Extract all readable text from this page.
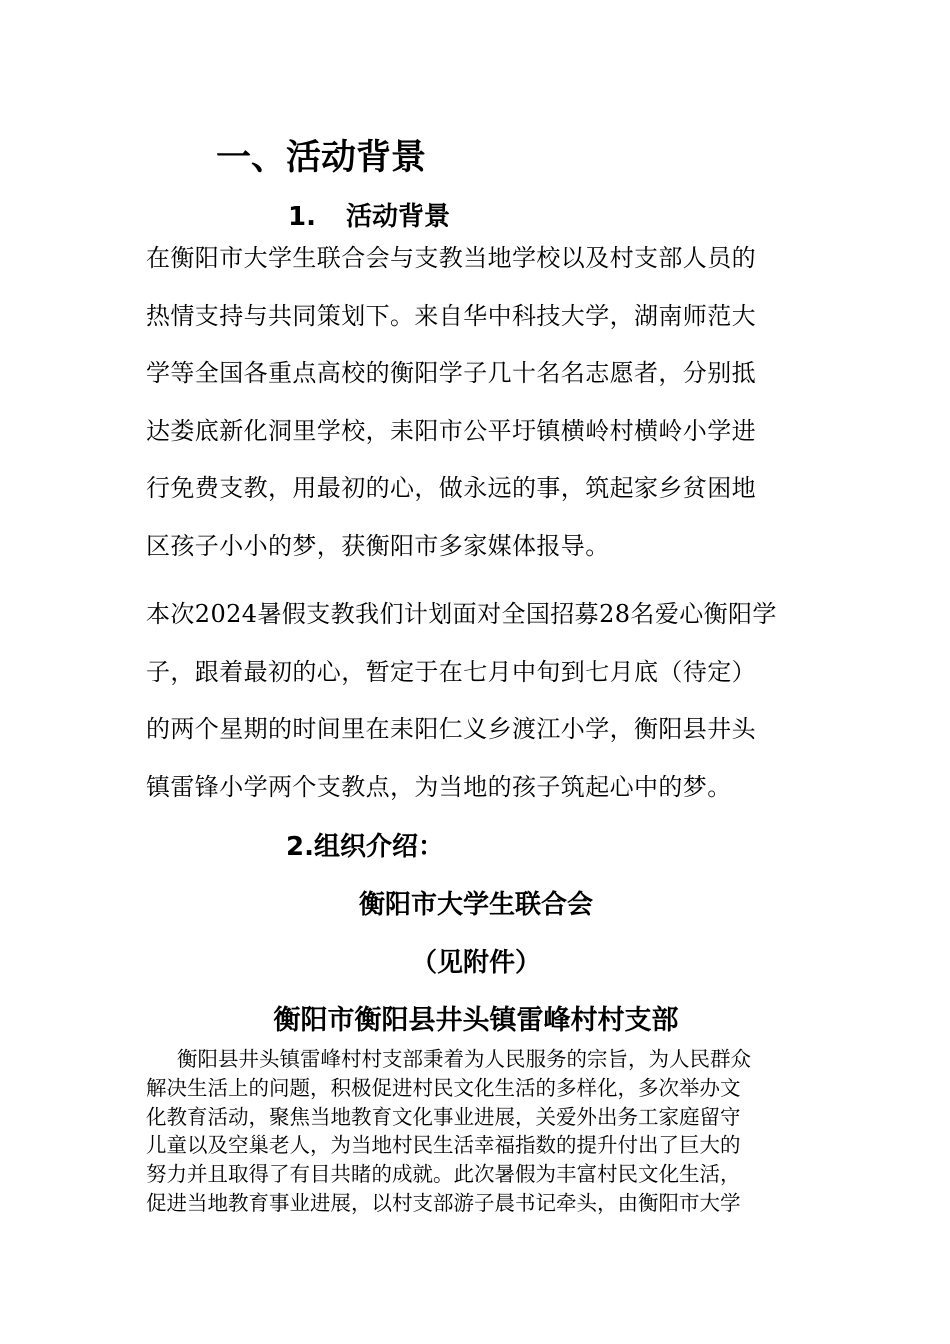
一、活动背景
1. 活动背景

在衡阳市大学生联合会与支教当地学校以及村支部人员的
热情支持与共同策划下。来自华中科技大学，湖南师范大
学等全国各重点高校的衡阳学子几十名名志愿者，分别抵
达娄底新化洞里学校，耒阳市公平圩镇横岭村横岭小学进
行免费支教，用最初的心，做永远的事，筑起家乡贫困地
区孩子小小的梦，获衡阳市多家媒体报导。

本次2024暑假支教我们计划面对全国招募28名爱心衡阳学
子，跟着最初的心，暂定于在七月中旬到七月底（待定）
的两个星期的时间里在耒阳仁义乡渡江小学，衡阳县井头
镇雷锋小学两个支教点，为当地的孩子筑起心中的梦。

2.组织介绍：
衡阳市大学生联合会
（见附件）
衡阳市衡阳县井头镇雷峰村村支部

衡阳县井头镇雷峰村村支部秉着为人民服务的宗旨，为人民群众
解决生活上的问题，积极促进村民文化生活的多样化，多次举办文
化教育活动，聚焦当地教育文化事业进展，关爱外出务工家庭留守
儿童以及空巢老人，为当地村民生活幸福指数的提升付出了巨大的
努力并且取得了有目共睹的成就。此次暑假为丰富村民文化生活，
促进当地教育事业进展，以村支部游子晨书记牵头，由衡阳市大学
